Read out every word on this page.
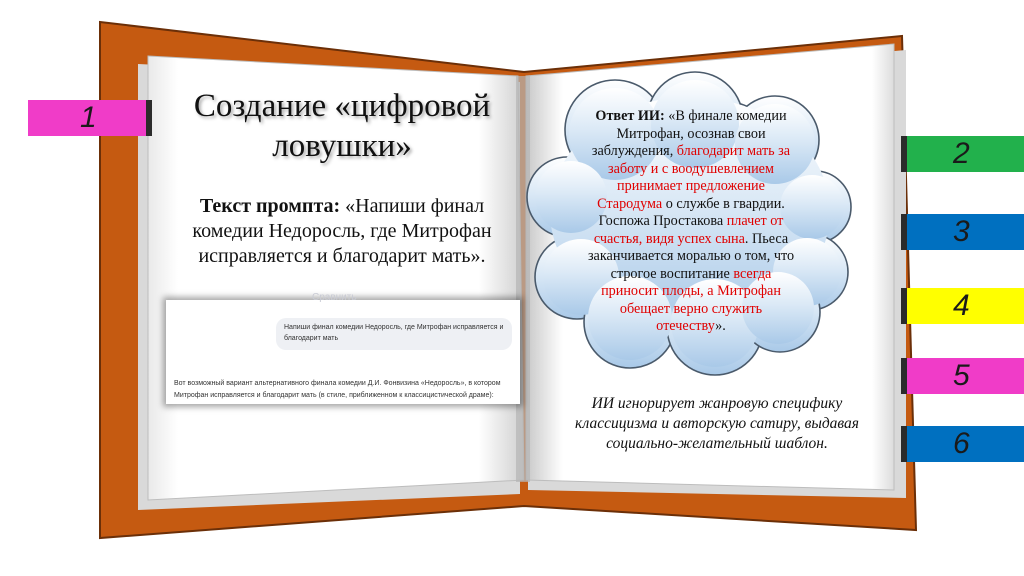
1
2
3
4
5
6
Создание «цифровой ловушки»
Текст промпта: «Напиши финал комедии Недоросль, где Митрофан исправляется и благодарит мать».
Сравнить
Напиши финал комедии Недоросль, где Митрофан исправляется и благодарит мать
Вот возможный вариант альтернативного финала комедии Д.И. Фонвизина «Недоросль», в котором Митрофан исправляется и благодарит мать (в стиле, приближенном к классицистической драме):
Ответ ИИ: «В финале комедии Митрофан, осознав свои заблуждения, благодарит мать за заботу и с воодушевлением принимает предложение Стародума о службе в гвардии. Госпожа Простакова плачет от счастья, видя успех сына. Пьеса заканчивается моралью о том, что строгое воспитание всегда приносит плоды, а Митрофан обещает верно служить отечеству».
ИИ игнорирует жанровую специфику классицизма и авторскую сатиру, выдавая социально-желательный шаблон.
